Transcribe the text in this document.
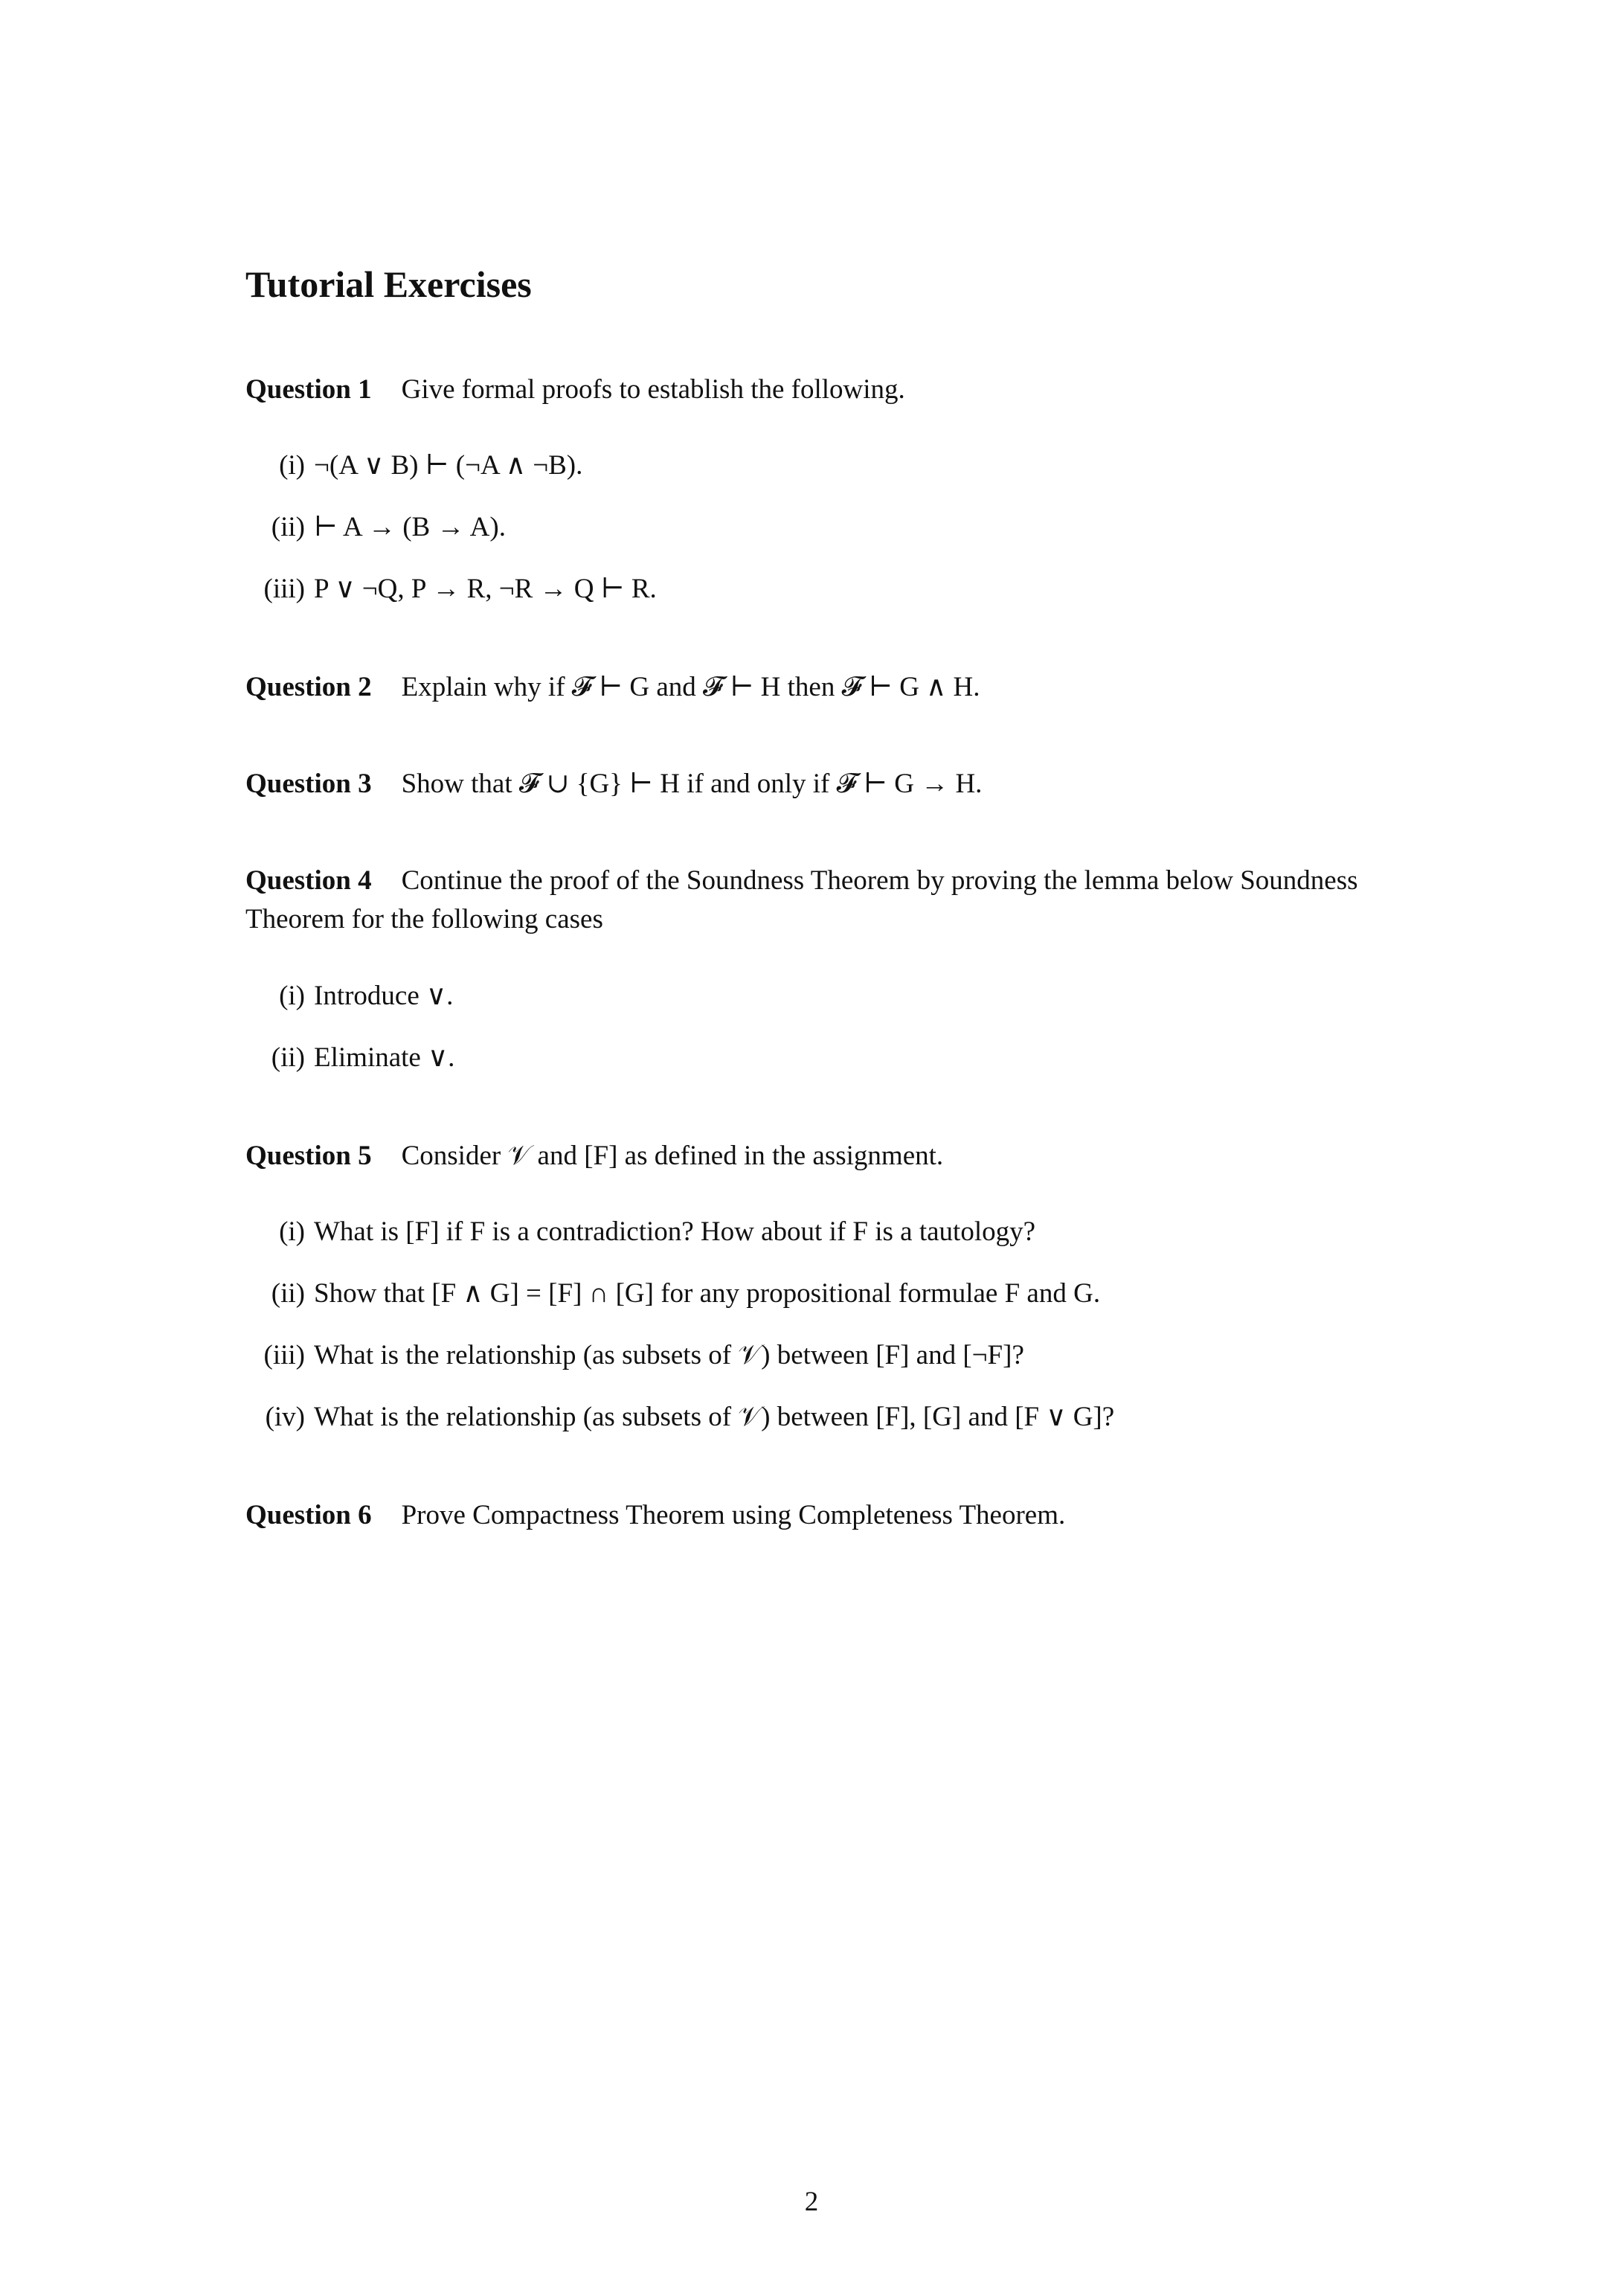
Tutorial Exercises

Question 1 Give formal proofs to establish the following.

(i) ¬(A ∨ B) ⊢ (¬A ∧ ¬B).
(ii) ⊢ A → (B → A).
(iii) P ∨ ¬Q, P → R, ¬R → Q ⊢ R.

Question 2 Explain why if 𝓕 ⊢ G and 𝓕 ⊢ H then 𝓕 ⊢ G ∧ H.

Question 3 Show that 𝓕 ∪ {G} ⊢ H if and only if 𝓕 ⊢ G → H.

Question 4 Continue the proof of the Soundness Theorem by proving the lemma below Soundness Theorem for the following cases

(i) Introduce ∨.
(ii) Eliminate ∨.

Question 5 Consider 𝒱 and [F] as defined in the assignment.

(i) What is [F] if F is a contradiction? How about if F is a tautology?
(ii) Show that [F ∧ G] = [F] ∩ [G] for any propositional formulae F and G.
(iii) What is the relationship (as subsets of 𝒱) between [F] and [¬F]?
(iv) What is the relationship (as subsets of 𝒱) between [F], [G] and [F ∨ G]?

Question 6 Prove Compactness Theorem using Completeness Theorem.

2
